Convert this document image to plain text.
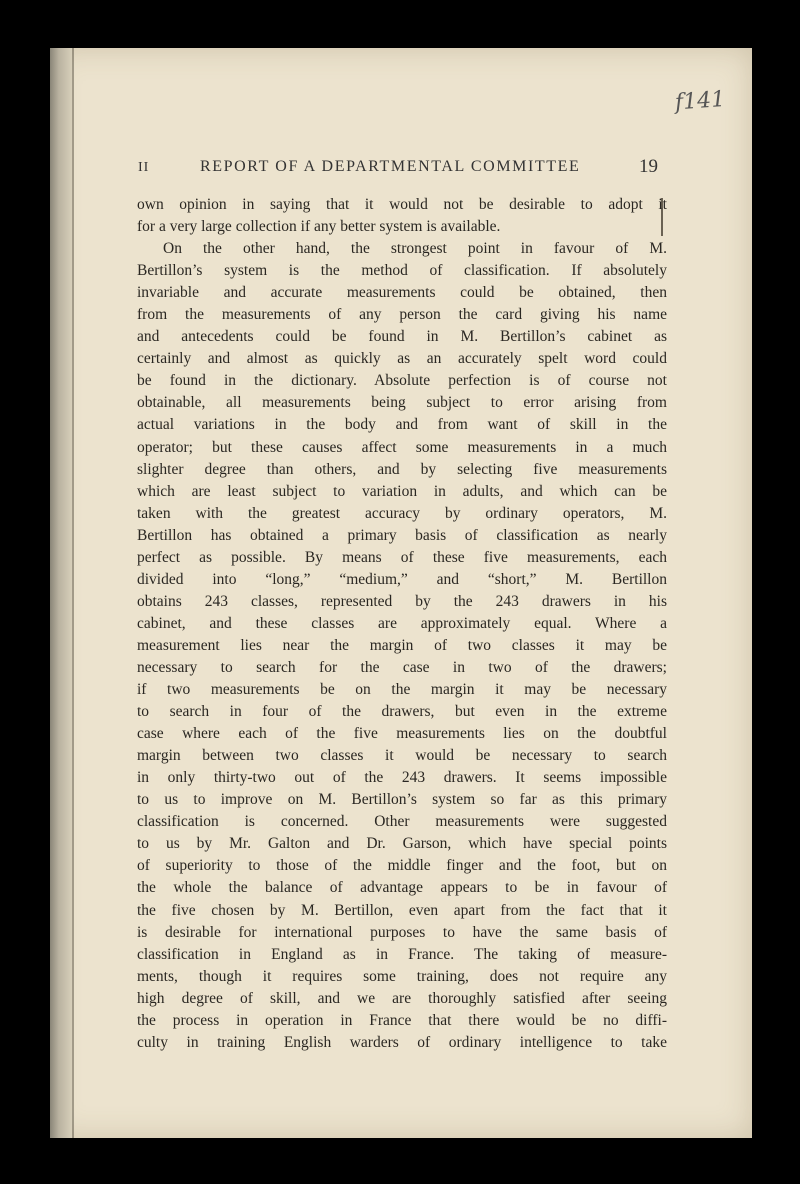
f141
II	REPORT OF A DEPARTMENTAL COMMITTEE	19
own opinion in saying that it would not be desirable to adopt it
for a very large collection if any better system is available.
On the other hand, the strongest point in favour of M.
Bertillon’s system is the method of classification. If absolutely
invariable and accurate measurements could be obtained, then
from the measurements of any person the card giving his name
and antecedents could be found in M. Bertillon’s cabinet as
certainly and almost as quickly as an accurately spelt word could
be found in the dictionary. Absolute perfection is of course not
obtainable, all measurements being subject to error arising from
actual variations in the body and from want of skill in the
operator; but these causes affect some measurements in a much
slighter degree than others, and by selecting five measurements
which are least subject to variation in adults, and which can be
taken with the greatest accuracy by ordinary operators, M.
Bertillon has obtained a primary basis of classification as nearly
perfect as possible. By means of these five measurements, each
divided into “long,” “medium,” and “short,” M. Bertillon
obtains 243 classes, represented by the 243 drawers in his
cabinet, and these classes are approximately equal. Where a
measurement lies near the margin of two classes it may be
necessary to search for the case in two of the drawers;
if two measurements be on the margin it may be necessary
to search in four of the drawers, but even in the extreme
case where each of the five measurements lies on the doubtful
margin between two classes it would be necessary to search
in only thirty-two out of the 243 drawers. It seems impossible
to us to improve on M. Bertillon’s system so far as this primary
classification is concerned. Other measurements were suggested
to us by Mr. Galton and Dr. Garson, which have special points
of superiority to those of the middle finger and the foot, but on
the whole the balance of advantage appears to be in favour of
the five chosen by M. Bertillon, even apart from the fact that it
is desirable for international purposes to have the same basis of
classification in England as in France. The taking of measure-
ments, though it requires some training, does not require any
high degree of skill, and we are thoroughly satisfied after seeing
the process in operation in France that there would be no diffi-
culty in training English warders of ordinary intelligence to take
